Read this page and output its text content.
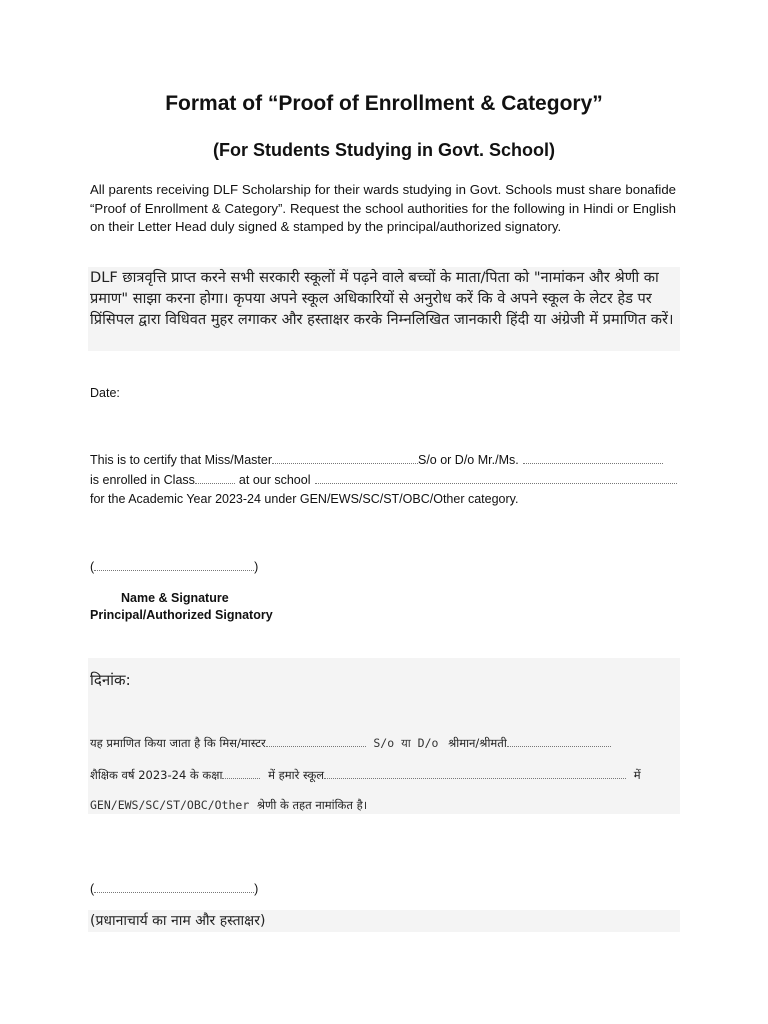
Format of “Proof of Enrollment & Category”
(For Students Studying in Govt. School)
All parents receiving DLF Scholarship for their wards studying in Govt. Schools must share bonafide “Proof of Enrollment & Category”. Request the school authorities for the following in Hindi or English on their Letter Head duly signed & stamped by the principal/authorized signatory.
DLF छात्रवृत्ति प्राप्त करने सभी सरकारी स्कूलों में पढ़ने वाले बच्चों के माता/पिता को "नामांकन और श्रेणी का प्रमाण" साझा करना होगा। कृपया अपने स्कूल अधिकारियों से अनुरोध करें कि वे अपने स्कूल के लेटर हेड पर प्रिंसिपल द्वारा विधिवत मुहर लगाकर और हस्ताक्षर करके निम्नलिखित जानकारी हिंदी या अंग्रेजी में प्रमाणित करें।
Date:
This is to certify that Miss/Master	S/o or D/o Mr./Ms.
is enrolled in Class	at our school
for the Academic Year 2023-24 under GEN/EWS/SC/ST/OBC/Other category.
(	)
Name & Signature
Principal/Authorized Signatory
दिनांक:
यह प्रमाणित किया जाता है कि मिस/मास्टर	S/o या D/o श्रीमान/श्रीमती
शैक्षिक वर्ष 2023-24 के कक्षा	में हमारे स्कूल	में
GEN/EWS/SC/ST/OBC/Other श्रेणी के तहत नामांकित है।
(	)
(प्रधानाचार्य का नाम और हस्ताक्षर)
